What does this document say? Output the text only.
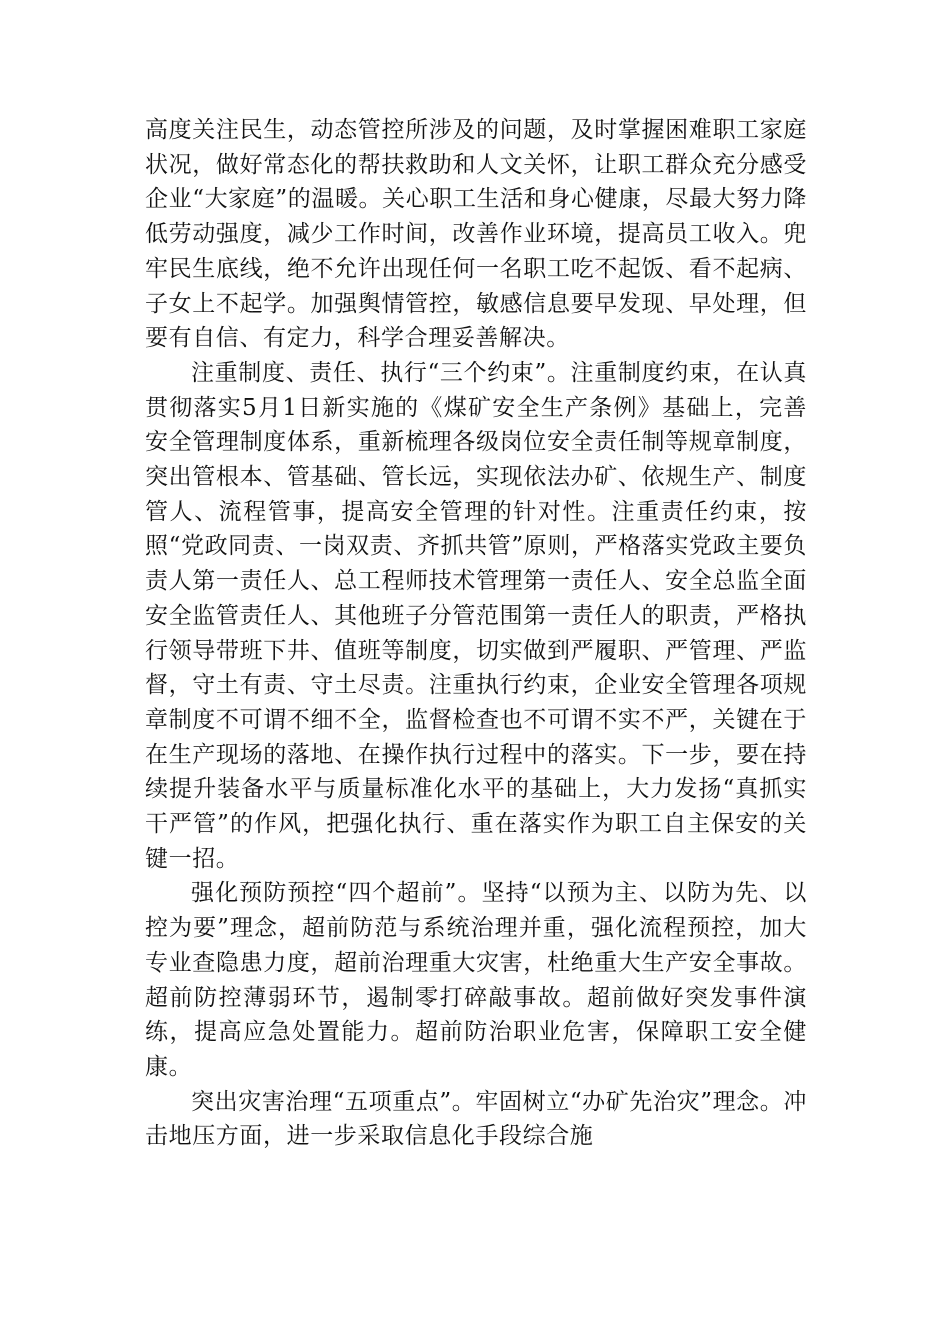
高度关注民生，动态管控所涉及的问题，及时掌握困难职工家庭状况，做好常态化的帮扶救助和人文关怀，让职工群众充分感受企业“大家庭”的温暖。关心职工生活和身心健康，尽最大努力降低劳动强度，减少工作时间，改善作业环境，提高员工收入。兜牢民生底线，绝不允许出现任何一名职工吃不起饭、看不起病、子女上不起学。加强舆情管控，敏感信息要早发现、早处理，但要有自信、有定力，科学合理妥善解决。

注重制度、责任、执行“三个约束”。注重制度约束，在认真贯彻落实5月1日新实施的《煤矿安全生产条例》基础上，完善安全管理制度体系，重新梳理各级岗位安全责任制等规章制度，突出管根本、管基础、管长远，实现依法办矿、依规生产、制度管人、流程管事，提高安全管理的针对性。注重责任约束，按照“党政同责、一岗双责、齐抓共管”原则，严格落实党政主要负责人第一责任人、总工程师技术管理第一责任人、安全总监全面安全监管责任人、其他班子分管范围第一责任人的职责，严格执行领导带班下井、值班等制度，切实做到严履职、严管理、严监督，守土有责、守土尽责。注重执行约束，企业安全管理各项规章制度不可谓不细不全，监督检查也不可谓不实不严，关键在于在生产现场的落地、在操作执行过程中的落实。下一步，要在持续提升装备水平与质量标准化水平的基础上，大力发扬“真抓实干严管”的作风，把强化执行、重在落实作为职工自主保安的关键一招。

强化预防预控“四个超前”。坚持“以预为主、以防为先、以控为要”理念，超前防范与系统治理并重，强化流程预控，加大专业查隐患力度，超前治理重大灾害，杜绝重大生产安全事故。超前防控薄弱环节，遏制零打碎敲事故。超前做好突发事件演练，提高应急处置能力。超前防治职业危害，保障职工安全健康。

突出灾害治理“五项重点”。牢固树立“办矿先治灾”理念。冲击地压方面，进一步采取信息化手段综合施
